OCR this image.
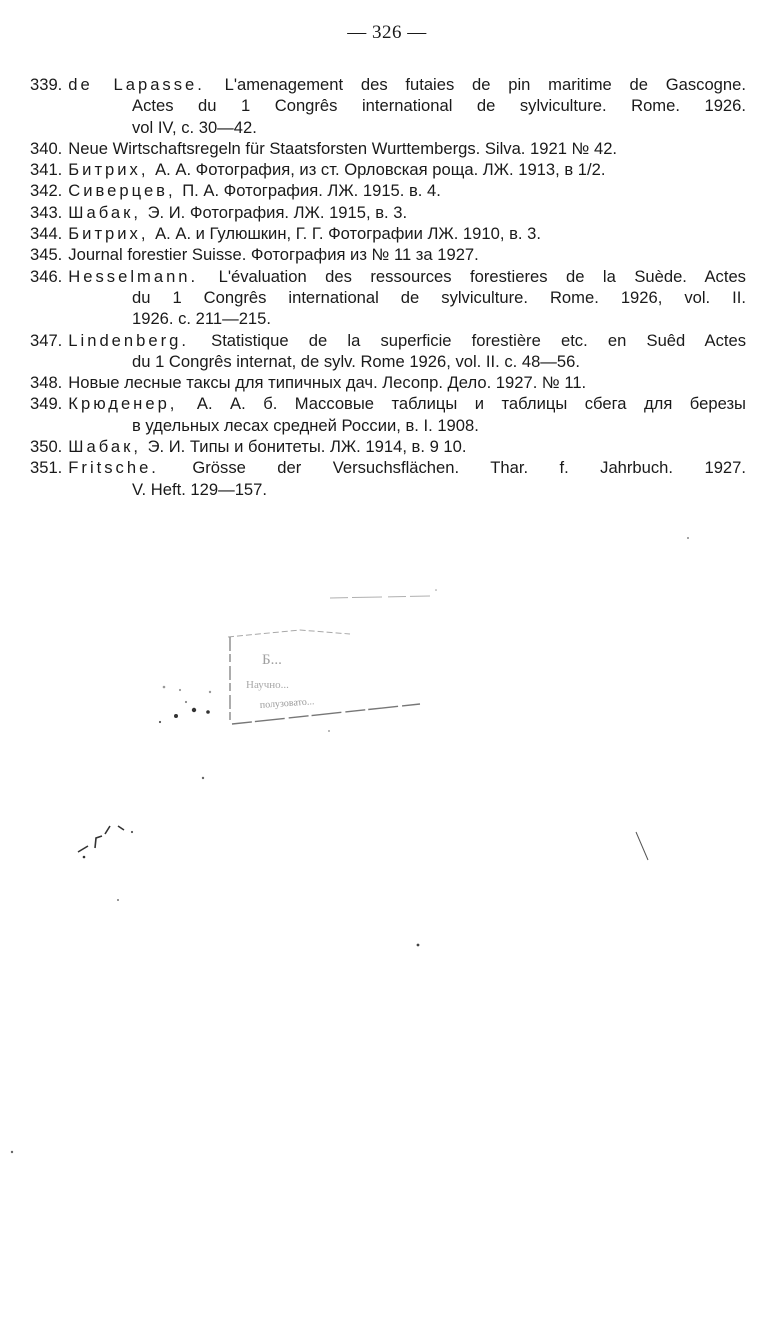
— 326 —
339. de Lapasse. L'amenagement des futaies de pin maritime de Gascogne.
Actes du 1 Congrês international de sylviculture. Rome. 1926.
vol IV, c. 30—42.
340. Neue Wirtschaftsregeln für Staatsforsten Wurttembergs. Silva. 1921 № 42.
341. Битрих, А. А. Фотография, из ст. Орловская роща. ЛЖ. 1913, в 1/2.
342. Сиверцев, П. А. Фотография. ЛЖ. 1915. в. 4.
343. Шабак, Э. И. Фотография. ЛЖ. 1915, в. 3.
344. Битрих, А. А. и Гулюшкин, Г. Г. Фотографии ЛЖ. 1910, в. 3.
345. Journal forestier Suisse. Фотография из № 11 за 1927.
346. Hesselmann. L'évaluation des ressources forestieres de la Suède. Actes
du 1 Congrês international de sylviculture. Rome. 1926, vol. II.
1926. c. 211—215.
347. Lindenberg. Statistique de la superficie forestière etc. en Suêd Actes
du 1 Congrês internat, de sylv. Rome 1926, vol. II. c. 48—56.
348. Новые лесные таксы для типичных дач. Лесопр. Дело. 1927. № 11.
349. Крюденер, А. А. б. Массовые таблицы и таблицы сбега для березы
в удельных лесах средней России, в. I. 1908.
350. Шабак, Э. И. Типы и бонитеты. ЛЖ. 1914, в. 9 10.
351. Fritsche. Grösse der Versuchsflächen. Thar. f. Jahrbuch. 1927.
V. Heft. 129—157.
Б...
Научно...
полузовато...
